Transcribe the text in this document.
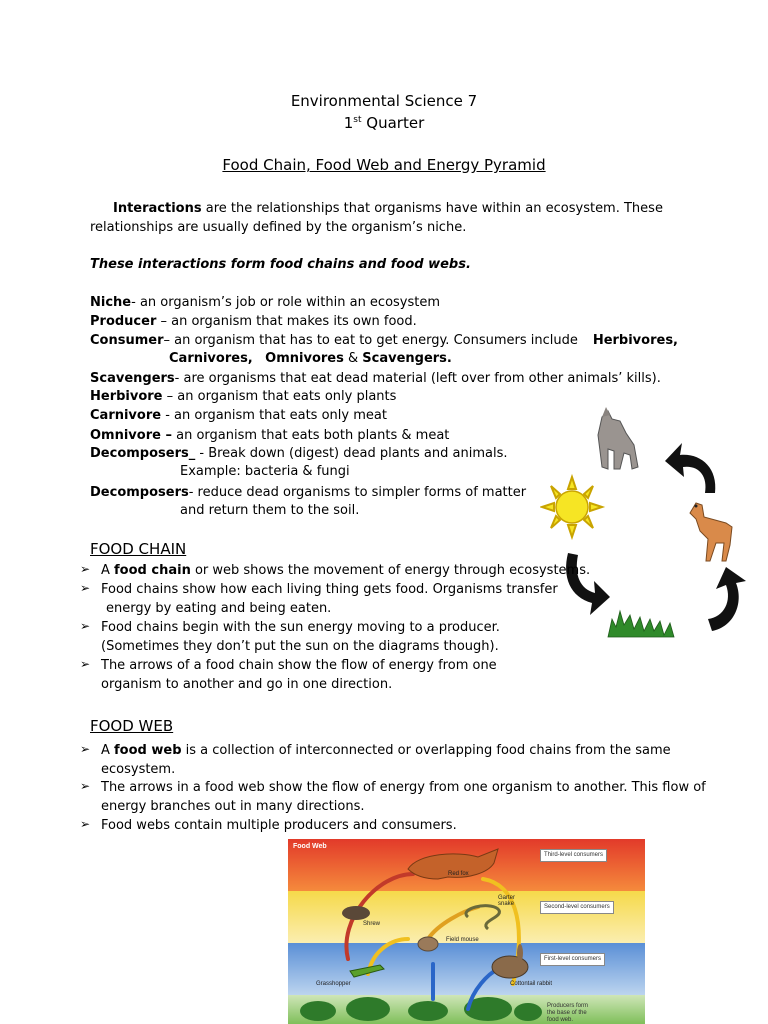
Environmental Science 7
1st Quarter
Food Chain, Food Web and Energy Pyramid
Interactions are the relationships that organisms have within an ecosystem. These
relationships are usually defined by the organism’s niche.
These interactions form food chains and food webs.
Niche- an organism’s job or role within an ecosystem
Producer – an organism that makes its own food.
Consumer– an organism that has to eat to get energy. Consumers include Herbivores,
Carnivores, Omnivores & Scavengers.
Scavengers- are organisms that eat dead material (left over from other animals’ kills).
Herbivore – an organism that eats only plants
Carnivore - an organism that eats only meat
Omnivore – an organism that eats both plants & meat
Decomposers_ - Break down (digest) dead plants and animals.
Example: bacteria & fungi
Decomposers- reduce dead organisms to simpler forms of matter
and return them to the soil.
FOOD CHAIN
➢ A food chain or web shows the movement of energy through ecosystems.
➢ Food chains show how each living thing gets food. Organisms transfer
energy by eating and being eaten.
➢ Food chains begin with the sun energy moving to a producer.
(Sometimes they don’t put the sun on the diagrams though).
➢ The arrows of a food chain show the flow of energy from one
organism to another and go in one direction.
FOOD WEB
➢ A food web is a collection of interconnected or overlapping food chains from the same
ecosystem.
➢ The arrows in a food web show the flow of energy from one organism to another. This flow of
energy branches out in many directions.
➢ Food webs contain multiple producers and consumers.
Food Web
Third-level consumers
Second-level consumers
First-level consumers
Producers form
the base of the
food web.
Red fox
Garter
snake
Shrew
Field mouse
Grasshopper	Cottontail rabbit
